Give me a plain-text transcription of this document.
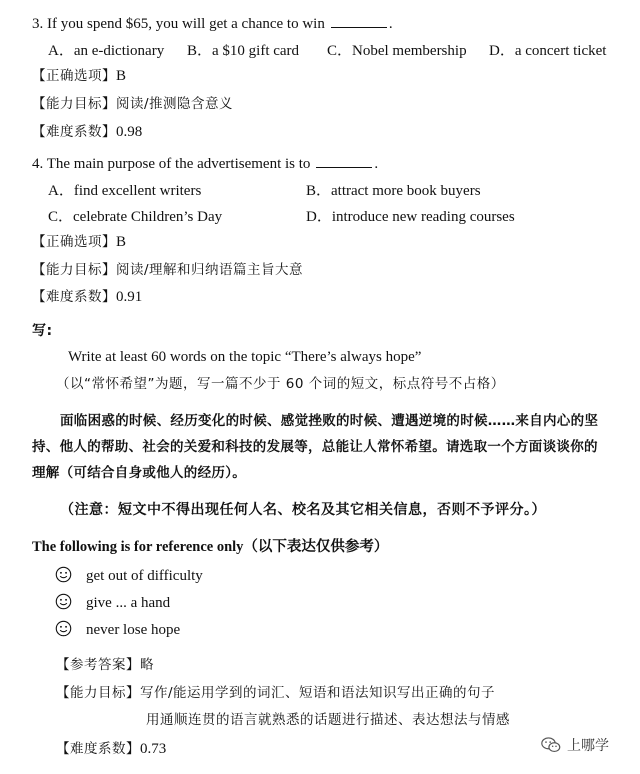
3. If you spend $65, you will get a chance to win	.
A．an e-dictionary B．a $10 gift card C．Nobel membership D．a concert ticket
【正确选项】B
【能力目标】阅读/推测隐含意义
【难度系数】0.98
4. The main purpose of the advertisement is to	.
A．find excellent writers	B．attract more book buyers
C．celebrate Children’s Day	D．introduce new reading courses
【正确选项】B
【能力目标】阅读/理解和归纳语篇主旨大意
【难度系数】0.91
写:
Write at least 60 words on the topic “There’s always hope”
（以“常怀希望”为题，写一篇不少于 60 个词的短文，标点符号不占格）
面临困惑的时候、经历变化的时候、感觉挫败的时候、遭遇逆境的时候……来自内心的坚持、他人的帮助、社会的关爱和科技的发展等，总能让人常怀希望。请选取一个方面谈谈你的理解（可结合自身或他人的经历）。
（注意：短文中不得出现任何人名、校名及其它相关信息，否则不予评分。）
The following is for reference only（以下表达仅供参考）
get out of difficulty
give ... a hand
never lose hope
【参考答案】略
【能力目标】写作/能运用学到的词汇、短语和语法知识写出正确的句子
用通顺连贯的语言就熟悉的话题进行描述、表达想法与情感
【难度系数】0.73	上哪学
